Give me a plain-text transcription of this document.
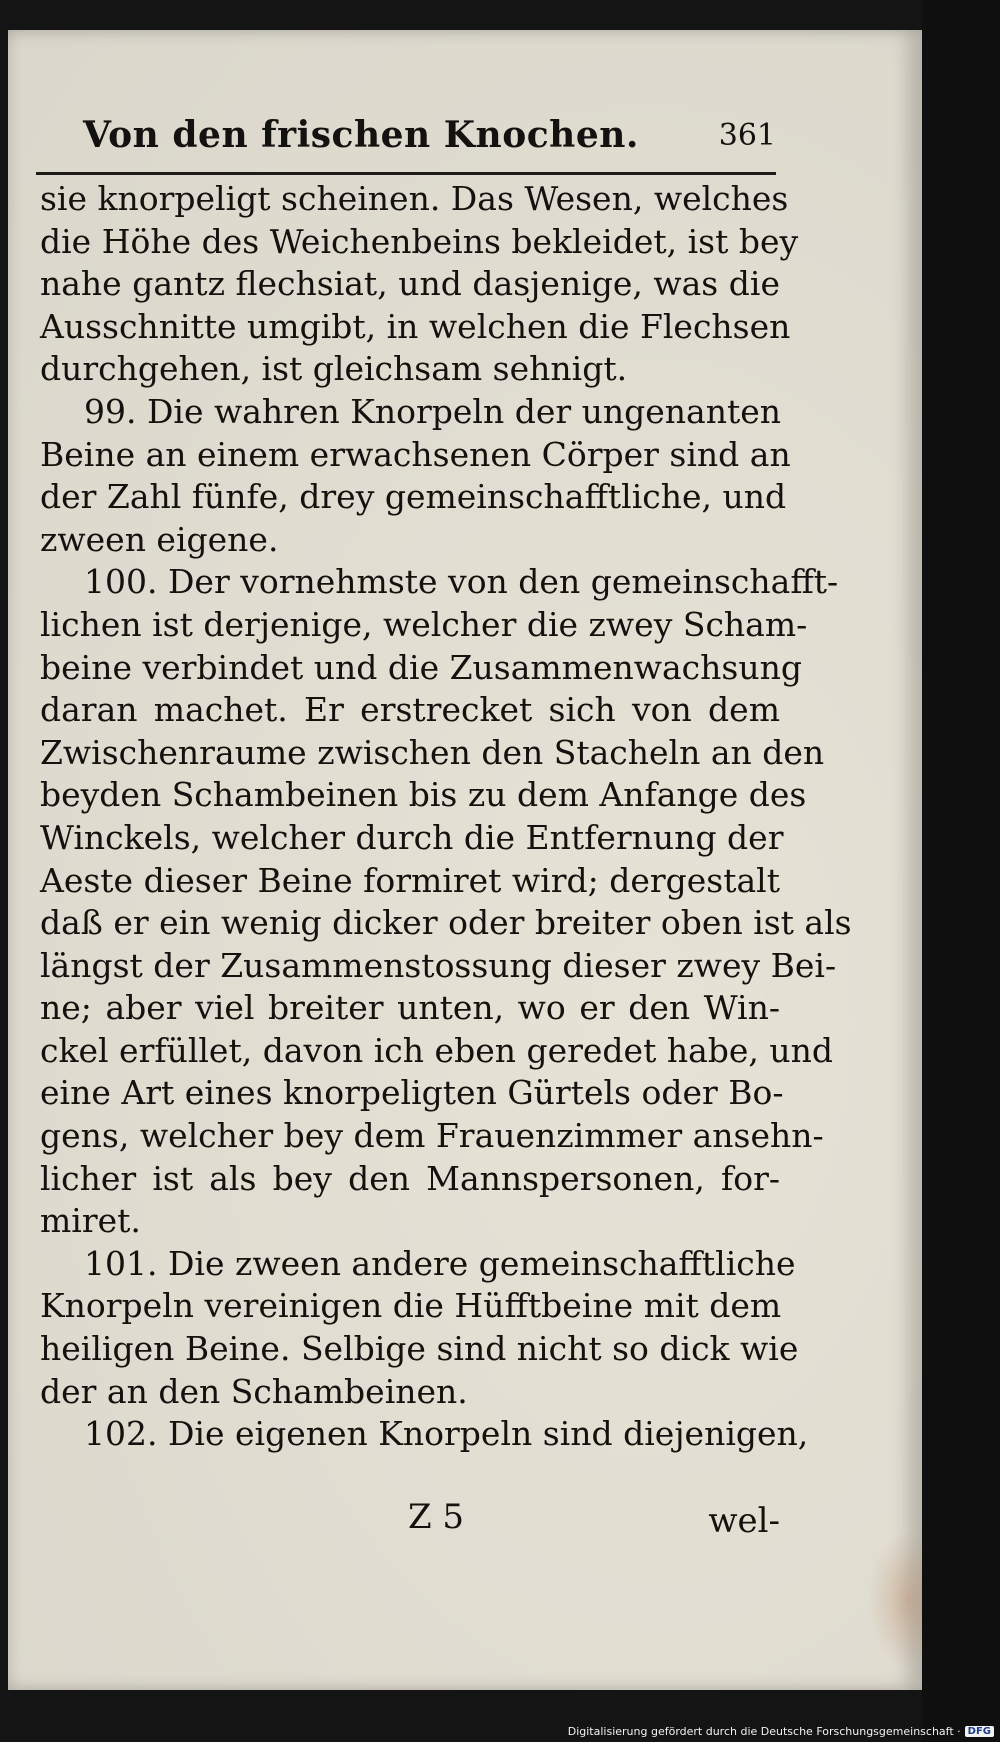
Von den frischen Knochen.	361
sie knorpeligt scheinen. Das Wesen, welches
die Höhe des Weichenbeins bekleidet, ist bey
nahe gantz flechsiat, und dasjenige, was die
Ausschnitte umgibt, in welchen die Flechsen
durchgehen, ist gleichsam sehnigt.
99. Die wahren Knorpeln der ungenanten
Beine an einem erwachsenen Cörper sind an
der Zahl fünfe, drey gemeinschafftliche, und
zween eigene.
100. Der vornehmste von den gemeinschafft-
lichen ist derjenige, welcher die zwey Scham-
beine verbindet und die Zusammenwachsung
daran machet. Er erstrecket sich von dem
Zwischenraume zwischen den Stacheln an den
beyden Schambeinen bis zu dem Anfange des
Winckels, welcher durch die Entfernung der
Aeste dieser Beine formiret wird; dergestalt
daß er ein wenig dicker oder breiter oben ist als
längst der Zusammenstossung dieser zwey Bei-
ne; aber viel breiter unten, wo er den Win-
ckel erfüllet, davon ich eben geredet habe, und
eine Art eines knorpeligten Gürtels oder Bo-
gens, welcher bey dem Frauenzimmer ansehn-
licher ist als bey den Mannspersonen, for-
miret.
101. Die zween andere gemeinschafftliche
Knorpeln vereinigen die Hüfftbeine mit dem
heiligen Beine. Selbige sind nicht so dick wie
der an den Schambeinen.
102. Die eigenen Knorpeln sind diejenigen,
Z 5	wel-
Digitalisierung gefördert durch die Deutsche Forschungsgemeinschaft · DFG
